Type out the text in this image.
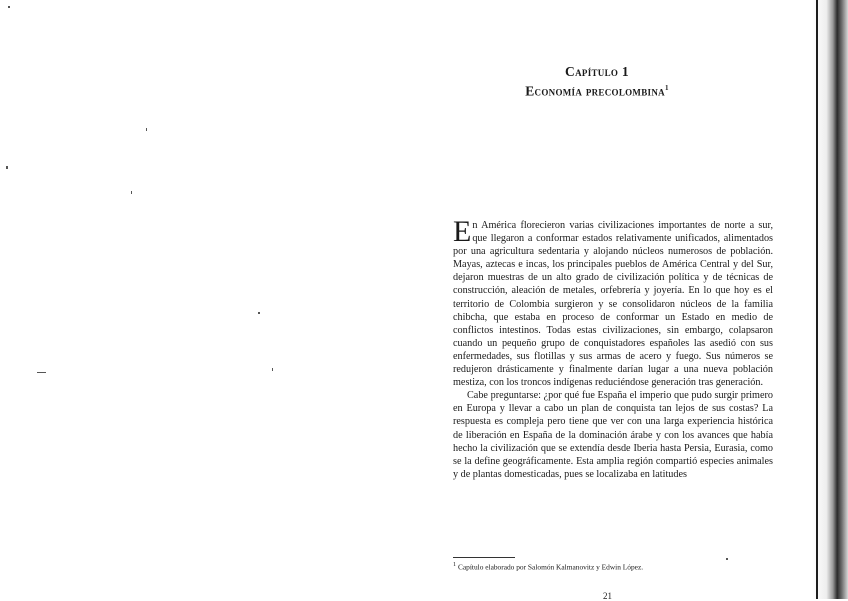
Capítulo 1
Economía precolombina$^1$

En América florecieron varias civilizaciones importantes de norte a sur, que llegaron a conformar estados relativamente unificados, alimentados por una agricultura sedentaria y alojando núcleos numerosos de población. Mayas, aztecas e incas, los principales pueblos de América Central y del Sur, dejaron muestras de un alto grado de civilización política y de técnicas de construcción, aleación de metales, orfebrería y joyería. En lo que hoy es el territorio de Colombia surgieron y se consolidaron núcleos de la familia chibcha, que estaba en proceso de conformar un Estado en medio de conflictos intestinos. Todas estas civilizaciones, sin embargo, colapsaron cuando un pequeño grupo de conquistadores españoles las asedió con sus enfermedades, sus flotillas y sus armas de acero y fuego. Sus números se redujeron drásticamente y finalmente darían lugar a una nueva población mestiza, con los troncos indígenas reduciéndose generación tras generación.

Cabe preguntarse: ¿por qué fue España el imperio que pudo surgir primero en Europa y llevar a cabo un plan de conquista tan lejos de sus costas? La respuesta es compleja pero tiene que ver con una larga experiencia histórica de liberación en España de la dominación árabe y con los avances que había hecho la civilización que se extendía desde Iberia hasta Persia, Eurasia, como se la define geográficamente. Esta amplia región compartió especies animales y de plantas domesticadas, pues se localizaba en latitudes

$^1$ Capítulo elaborado por Salomón Kalmanovitz y Edwin López.
21
